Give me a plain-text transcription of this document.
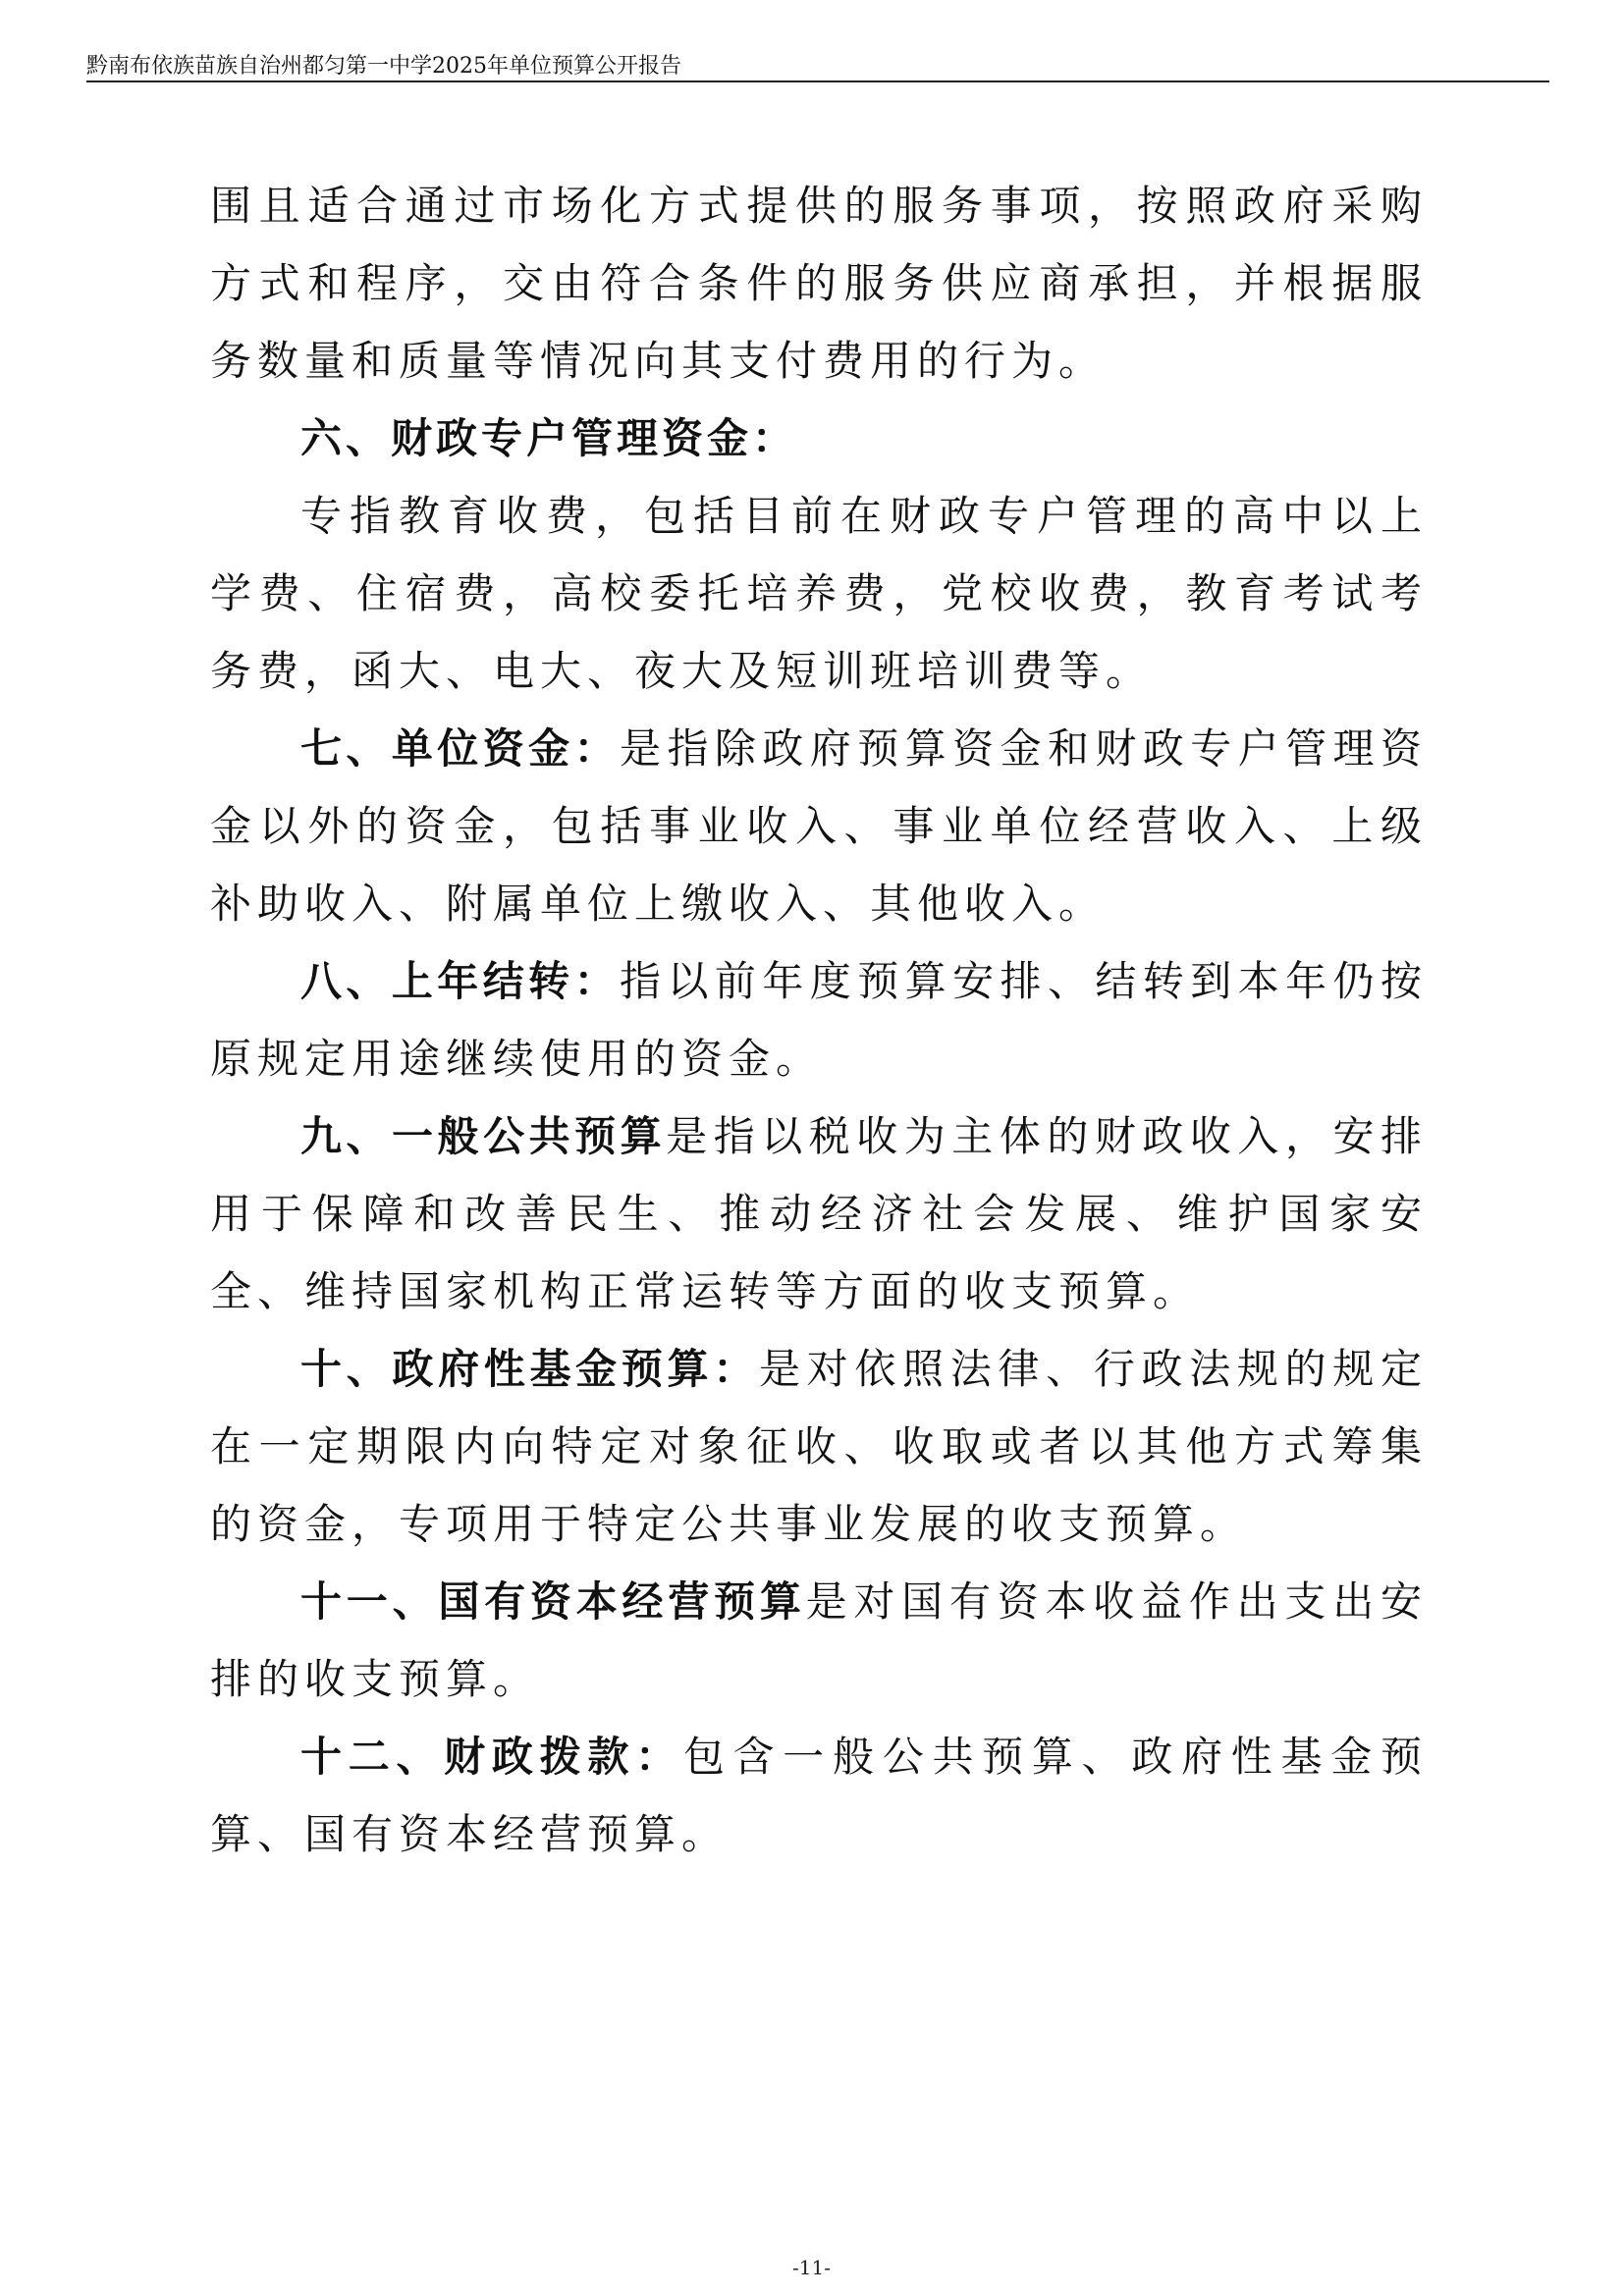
黔南布依族苗族自治州都匀第一中学2025年单位预算公开报告

围且适合通过市场化方式提供的服务事项，按照政府采购方式和程序，交由符合条件的服务供应商承担，并根据服务数量和质量等情况向其支付费用的行为。

六、财政专户管理资金：

专指教育收费，包括目前在财政专户管理的高中以上学费、住宿费，高校委托培养费，党校收费，教育考试考务费，函大、电大、夜大及短训班培训费等。

七、单位资金：是指除政府预算资金和财政专户管理资金以外的资金，包括事业收入、事业单位经营收入、上级补助收入、附属单位上缴收入、其他收入。

八、上年结转：指以前年度预算安排、结转到本年仍按原规定用途继续使用的资金。

九、一般公共预算是指以税收为主体的财政收入，安排用于保障和改善民生、推动经济社会发展、维护国家安全、维持国家机构正常运转等方面的收支预算。

十、政府性基金预算：是对依照法律、行政法规的规定在一定期限内向特定对象征收、收取或者以其他方式筹集的资金，专项用于特定公共事业发展的收支预算。

十一、国有资本经营预算是对国有资本收益作出支出安排的收支预算。

十二、财政拨款：包含一般公共预算、政府性基金预算、国有资本经营预算。

-11-
